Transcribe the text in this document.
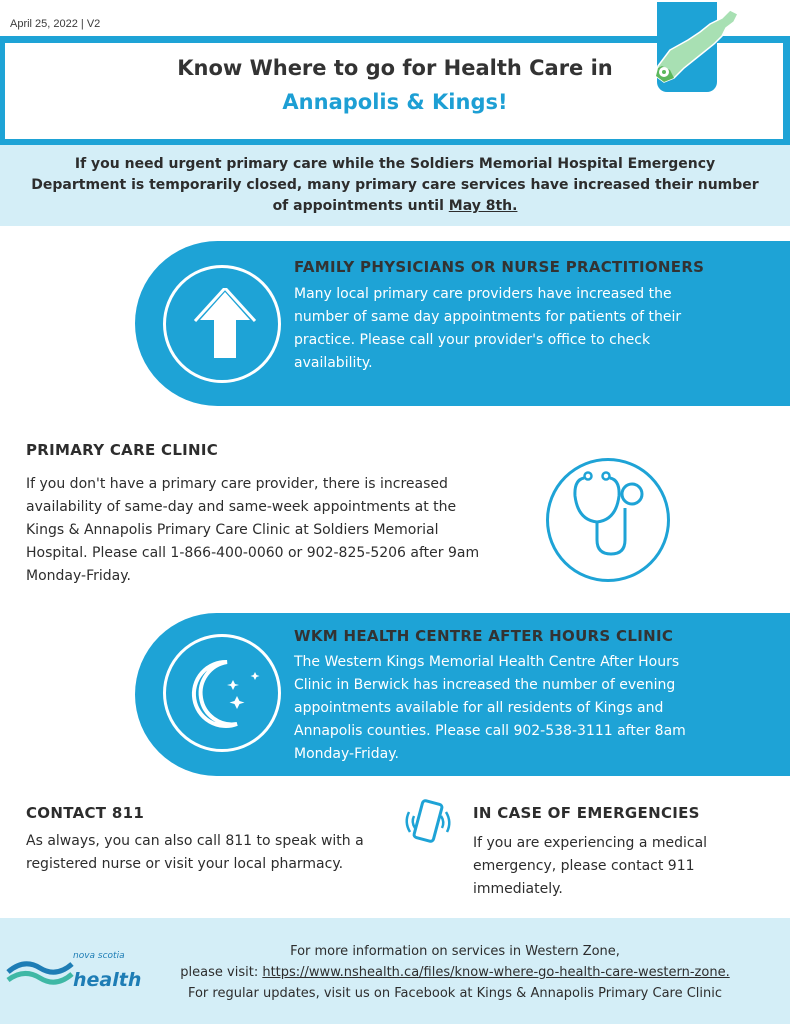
April 25, 2022 | V2
Know Where to go for Health Care in
Annapolis & Kings!
If you need urgent primary care while the Soldiers Memorial Hospital Emergency Department is temporarily closed, many primary care services have increased their number of appointments until May 8th.
FAMILY PHYSICIANS OR NURSE PRACTITIONERS
Many local primary care providers have increased the
number of same day appointments for patients of their
practice. Please call your provider's office to check
availability.
PRIMARY CARE CLINIC
If you don't have a primary care provider, there is increased
availability of same-day and same-week appointments at the
Kings & Annapolis Primary Care Clinic at Soldiers Memorial
Hospital. Please call 1-866-400-0060 or 902-825-5206 after 9am
Monday-Friday.
WKM HEALTH CENTRE AFTER HOURS CLINIC
The Western Kings Memorial Health Centre After Hours
Clinic in Berwick has increased the number of evening
appointments available for all residents of Kings and
Annapolis counties. Please call 902-538-3111 after 8am
Monday-Friday.
CONTACT 811
As always, you can also call 811 to speak with a
registered nurse or visit your local pharmacy.
IN CASE OF EMERGENCIES
If you are experiencing a medical
emergency, please contact 911
immediately.
nova scotia
health
For more information on services in Western Zone,
please visit: https://www.nshealth.ca/files/know-where-go-health-care-western-zone.
For regular updates, visit us on Facebook at Kings & Annapolis Primary Care Clinic
